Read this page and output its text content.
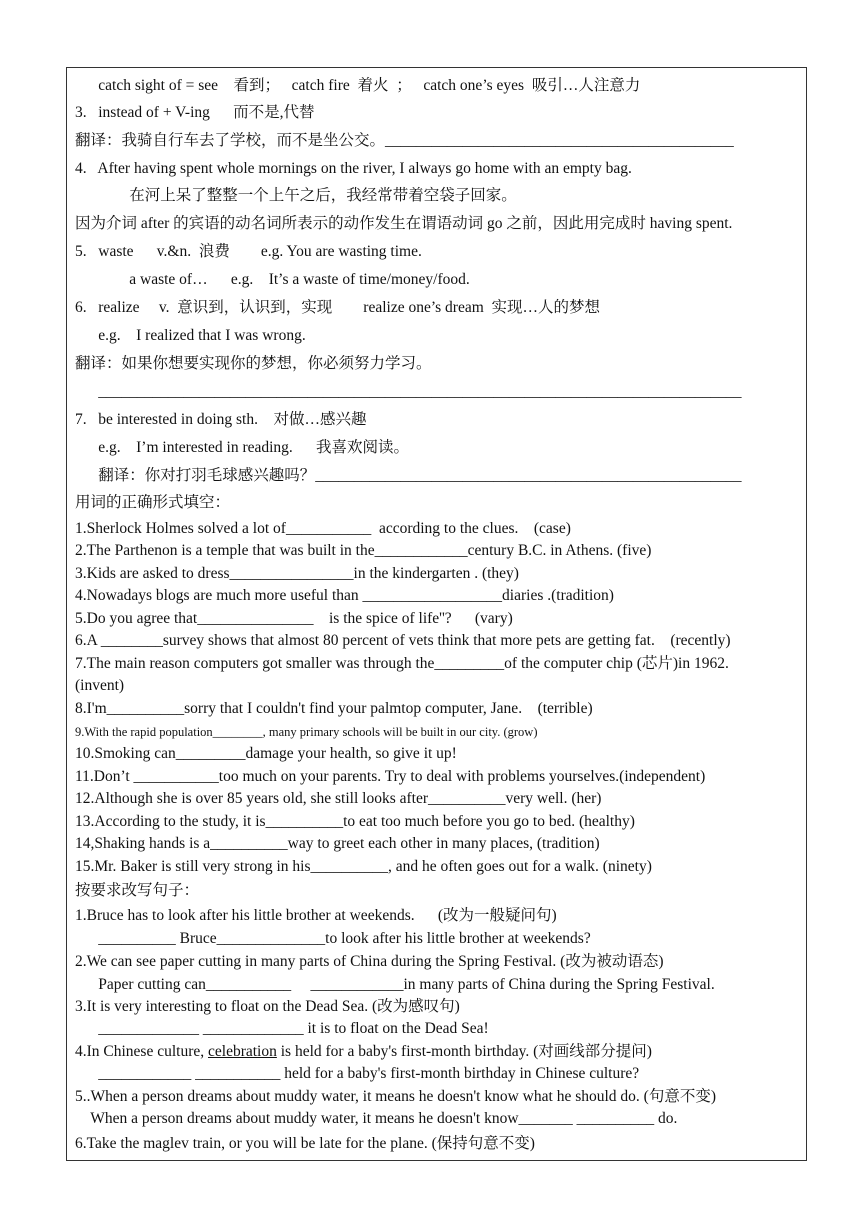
catch sight of = see    看到；   catch fire  着火  ；   catch one’s eyes  吸引…人注意力
3.   instead of + V-ing      而不是,代替
翻译：我骑自行车去了学校，而不是坐公交。_____________________________________________
4.   After having spent whole mornings on the river, I always go home with an empty bag.
在河上呆了整整一个上午之后，我经常带着空袋子回家。
因为介词 after 的宾语的动名词所表示的动作发生在谓语动词 go 之前，因此用完成时 having spent.
5.   waste      v.&n.  浪费        e.g. You are wasting time.
a waste of…      e.g.    It’s a waste of time/money/food.
6.   realize     v.  意识到，认识到，实现        realize one’s dream  实现…人的梦想
e.g.    I realized that I was wrong.
翻译：如果你想要实现你的梦想，你必须努力学习。
___________________________________________________________________________________
7.   be interested in doing sth.    对做…感兴趣
e.g.    I’m interested in reading.      我喜欢阅读。
翻译：你对打羽毛球感兴趣吗？_______________________________________________________
用词的正确形式填空：
1.Sherlock Holmes solved a lot of___________  according to the clues.    (case)
2.The Parthenon is a temple that was built in the____________century B.C. in Athens. (five)
3.Kids are asked to dress________________in the kindergarten . (they)
4.Nowadays blogs are much more useful than __________________diaries .(tradition)
5.Do you agree that_______________    is the spice of life''?      (vary)
6.A ________survey shows that almost 80 percent of vets think that more pets are getting fat.    (recently)
7.The main reason computers got smaller was through the_________of the computer chip (芯片)in 1962.
(invent)
8.I'm__________sorry that I couldn't find your palmtop computer, Jane.    (terrible)
9.With the rapid population________, many primary schools will be built in our city. (grow)
10.Smoking can_________damage your health, so give it up!
11.Don’t ___________too much on your parents. Try to deal with problems yourselves.(independent)
12.Although she is over 85 years old, she still looks after__________very well. (her)
13.According to the study, it is__________to eat too much before you go to bed. (healthy)
14,Shaking hands is a__________way to greet each other in many places, (tradition)
15.Mr. Baker is still very strong in his__________, and he often goes out for a walk. (ninety)
按要求改写句子：
1.Bruce has to look after his little brother at weekends.      (改为一般疑问句)
__________ Bruce______________to look after his little brother at weekends?
2.We can see paper cutting in many parts of China during the Spring Festival. (改为被动语态)
Paper cutting can___________     ____________in many parts of China during the Spring Festival.
3.It is very interesting to float on the Dead Sea. (改为感叹句)
_____________ _____________ it is to float on the Dead Sea!
4.In Chinese culture, celebration is held for a baby's first-month birthday. (对画线部分提问)
____________ ___________ held for a baby's first-month birthday in Chinese culture?
5..When a person dreams about muddy water, it means he doesn't know what he should do. (句意不变)
When a person dreams about muddy water, it means he doesn't know_______ __________ do.
6.Take the maglev train, or you will be late for the plane. (保持句意不变)
